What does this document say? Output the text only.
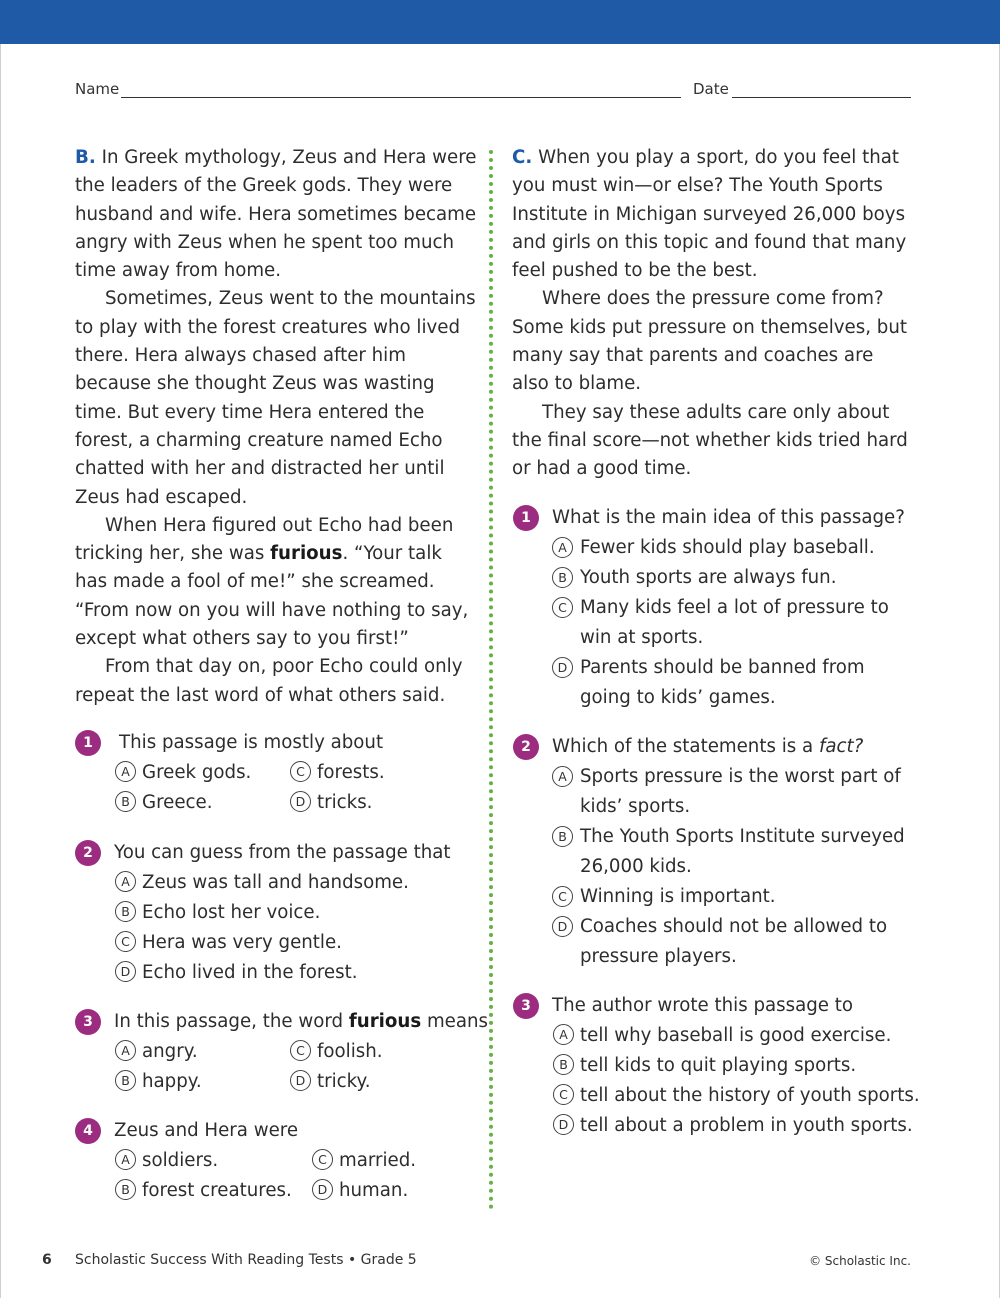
Name	Date

B. In Greek mythology, Zeus and Hera were the leaders of the Greek gods. They were husband and wife. Hera sometimes became angry with Zeus when he spent too much time away from home.

Sometimes, Zeus went to the mountains to play with the forest creatures who lived there. Hera always chased after him because she thought Zeus was wasting time. But every time Hera entered the forest, a charming creature named Echo chatted with her and distracted her until Zeus had escaped.

When Hera figured out Echo had been tricking her, she was furious. “Your talk has made a fool of me!” she screamed. “From now on you will have nothing to say, except what others say to you first!”

From that day on, poor Echo could only repeat the last word of what others said.

1	This passage is mostly about
A Greek gods.	C forests.
B Greece.	D tricks.
2	You can guess from the passage that
A Zeus was tall and handsome.
B Echo lost her voice.
C Hera was very gentle.
D Echo lived in the forest.
3	In this passage, the word furious means
A angry.	C foolish.
B happy.	D tricky.
4	Zeus and Hera were
A soldiers.	C married.
B forest creatures.	D human.

C. When you play a sport, do you feel that you must win—or else? The Youth Sports Institute in Michigan surveyed 26,000 boys and girls on this topic and found that many feel pushed to be the best.

Where does the pressure come from? Some kids put pressure on themselves, but many say that parents and coaches are also to blame.

They say these adults care only about the final score—not whether kids tried hard or had a good time.

1	What is the main idea of this passage?
A Fewer kids should play baseball.
B Youth sports are always fun.
C Many kids feel a lot of pressure to win at sports.
D Parents should be banned from going to kids’ games.
2	Which of the statements is a fact?
A Sports pressure is the worst part of kids’ sports.
B The Youth Sports Institute surveyed 26,000 kids.
C Winning is important.
D Coaches should not be allowed to pressure players.
3	The author wrote this passage to
A tell why baseball is good exercise.
B tell kids to quit playing sports.
C tell about the history of youth sports.
D tell about a problem in youth sports.
6 Scholastic Success With Reading Tests • Grade 5	© Scholastic Inc.
